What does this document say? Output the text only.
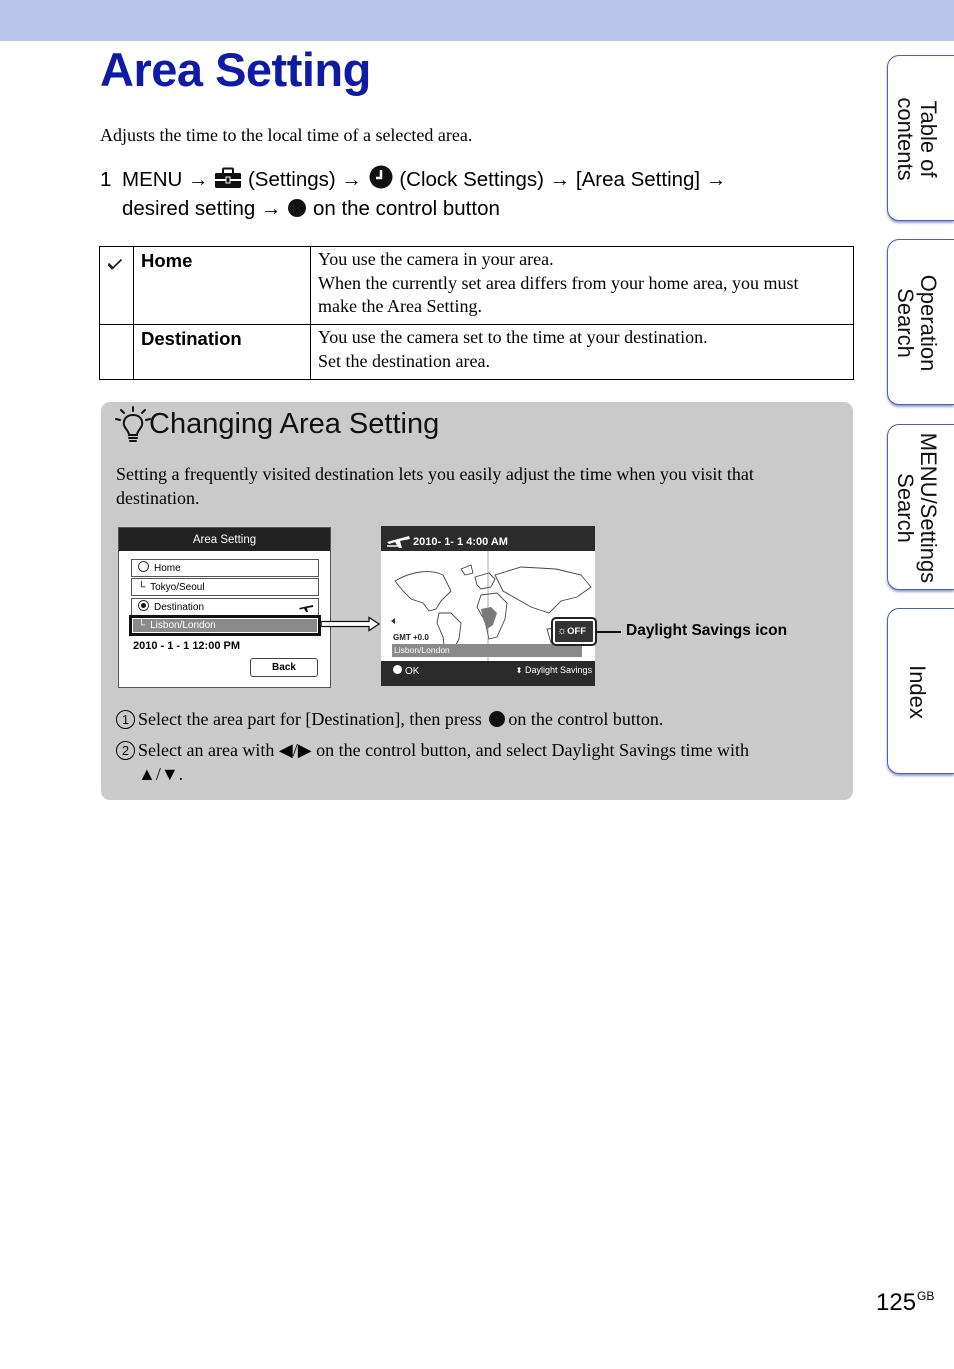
Area Setting

Adjusts the time to the local time of a selected area.

1 MENU → (Settings) → (Clock Settings) → [Area Setting] →
desired setting → on the control button
	Home	You use the camera in your area.
When the currently set area differs from your home area, you must
make the Area Setting.

	Destination	You use the camera set to the time at your destination.
Set the destination area.
Changing Area Setting

Setting a frequently visited destination lets you easily adjust the time when you visit that destination.

Area Setting
Home
└ Tokyo/Seoul
Destination
└ Lisbon/London
2010 - 1 - 1 12:00 PM
Back
2010- 1- 1 4:00 AM
GMT +0.0
Lisbon/London
OK	⬍ Daylight Savings
☼OFF	Daylight Savings icon
1 Select the area part for [Destination], then press on the control button.
2 Select an area with ◀/▶ on the control button, and select Daylight Savings time with
▲/▼.
Table of
contents
Operation
Search
MENU/Settings
Search
Index
$125^{GB}$
